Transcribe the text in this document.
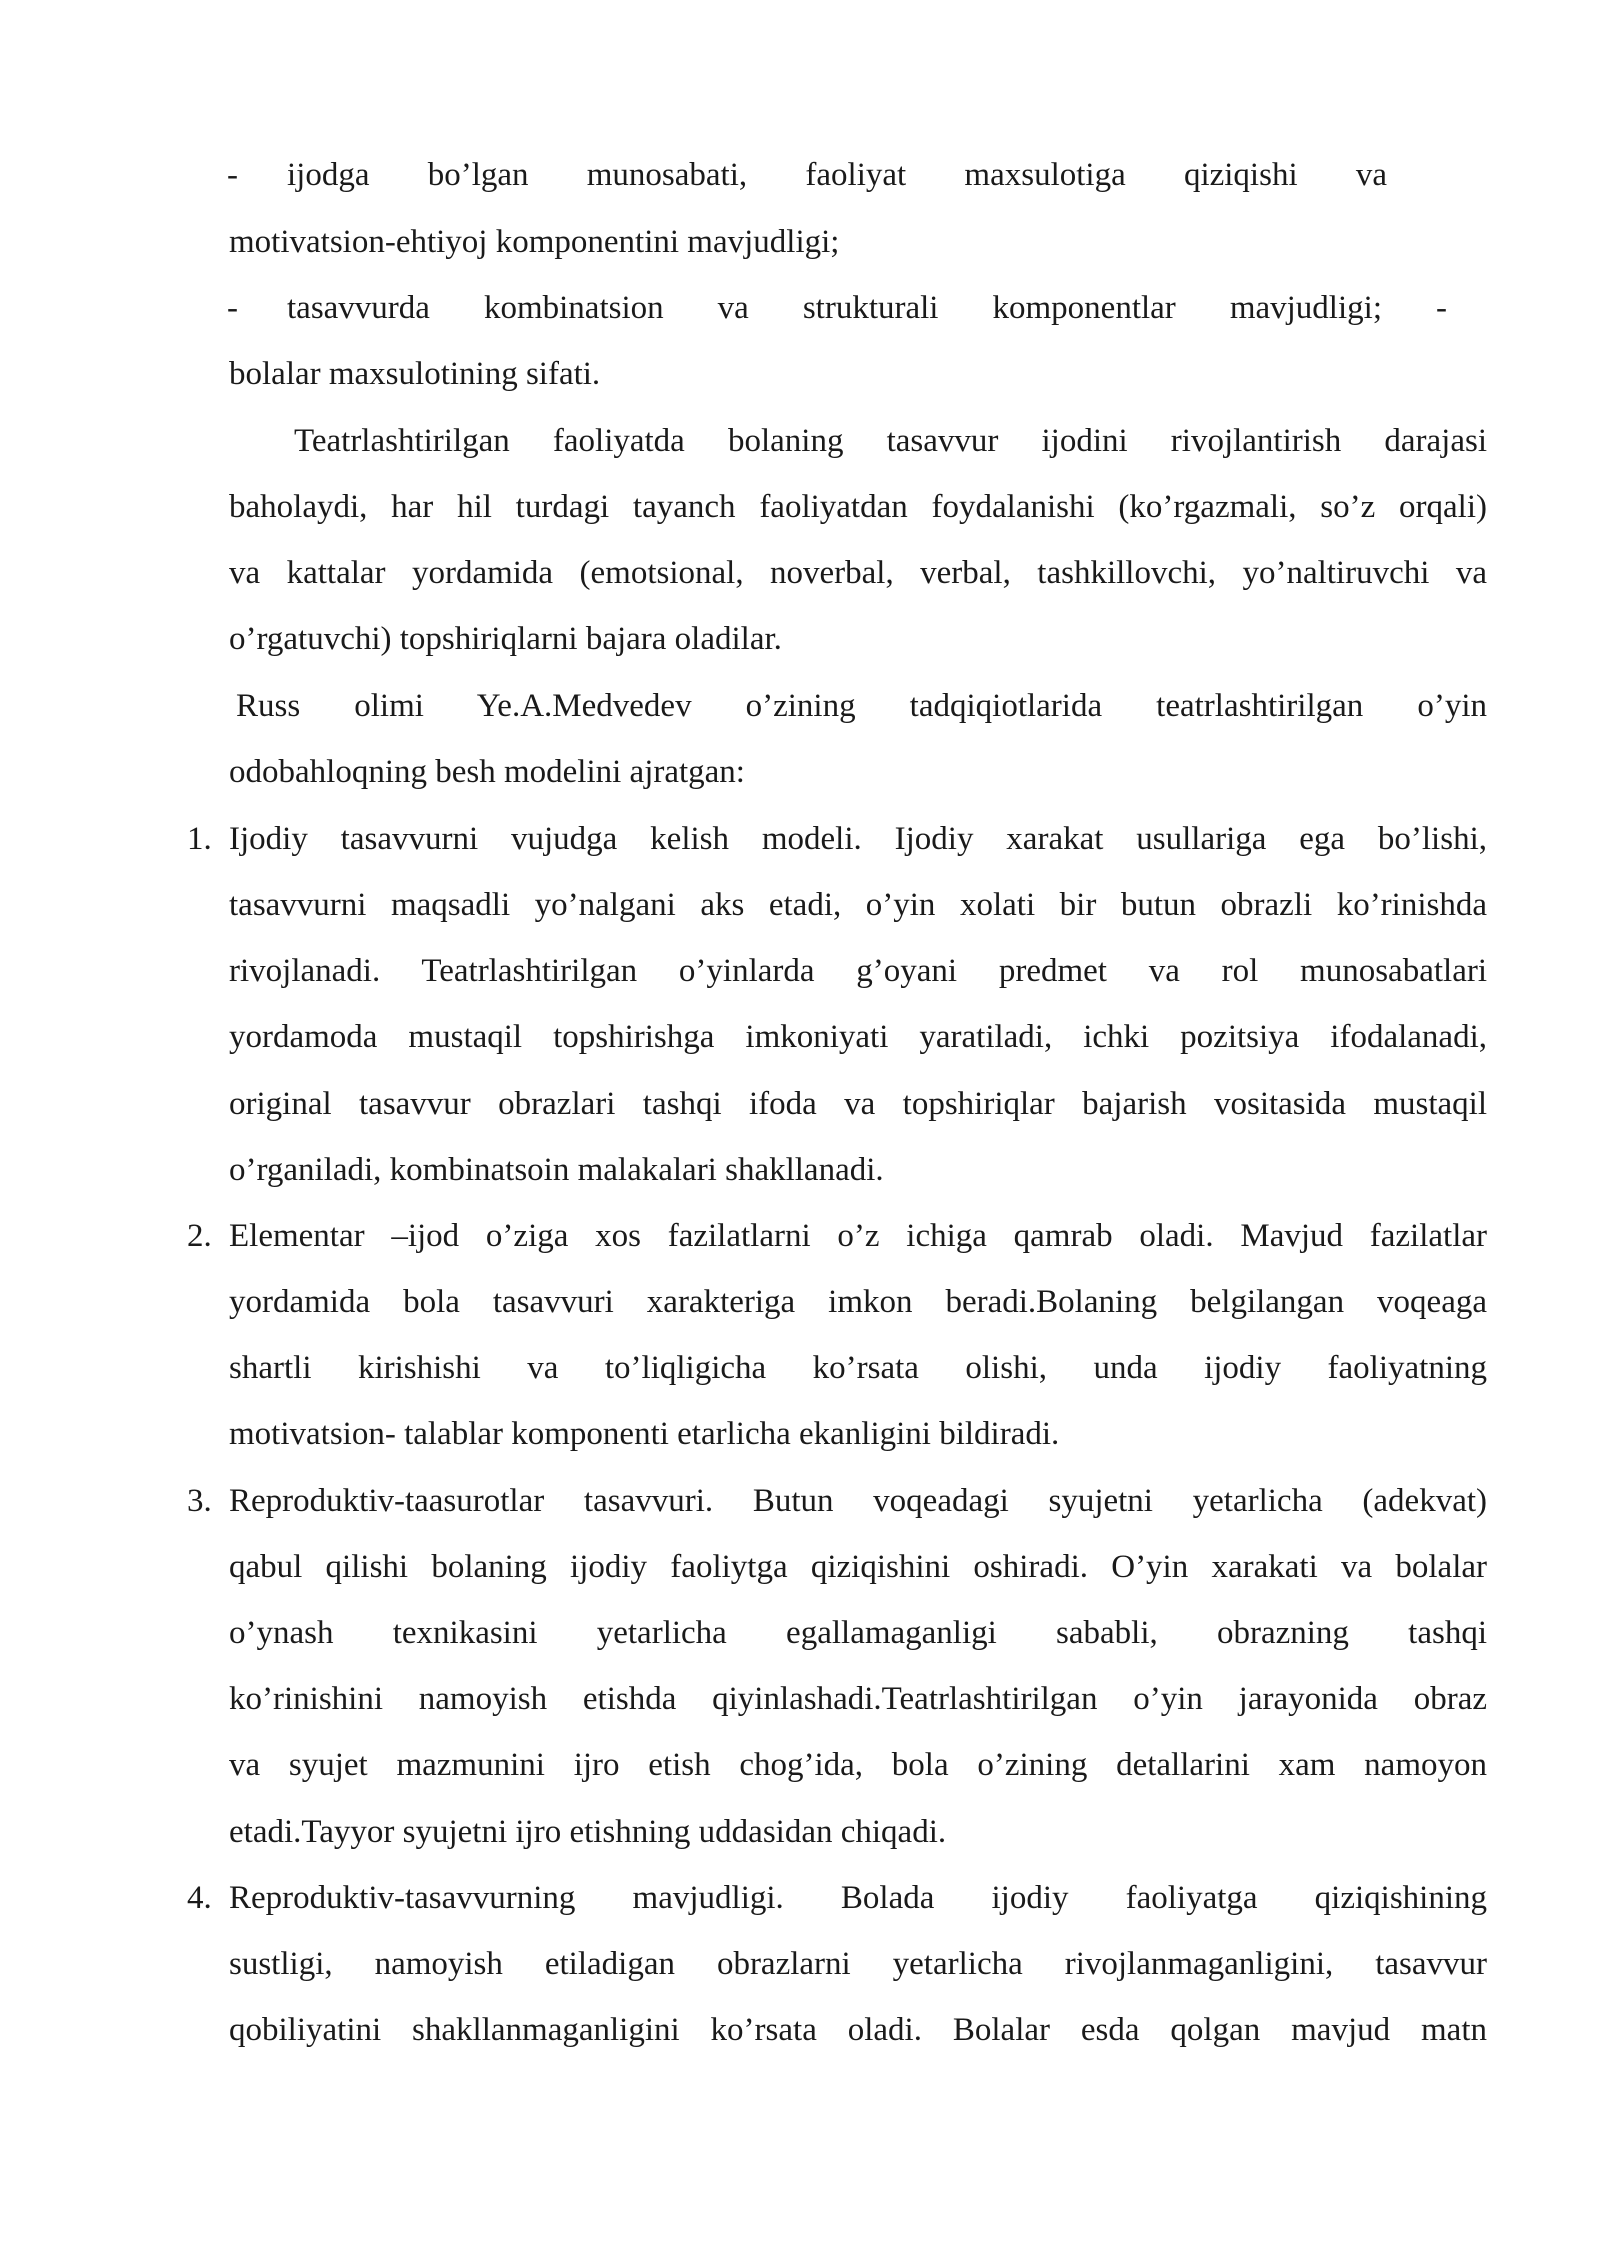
- ijodga bo’lgan munosabati, faoliyat maxsulotiga qiziqishi va
motivatsion-ehtiyoj komponentini mavjudligi;
- tasavvurda kombinatsion va strukturali komponentlar mavjudligi; -
bolalar maxsulotining sifati.
Teatrlashtirilgan faoliyatda bolaning tasavvur ijodini rivojlantirish darajasi
baholaydi, har hil turdagi tayanch faoliyatdan foydalanishi (ko’rgazmali, so’z orqali)
va kattalar yordamida (emotsional, noverbal, verbal, tashkillovchi, yo’naltiruvchi va
o’rgatuvchi) topshiriqlarni bajara oladilar.
Russ olimi Ye.A.Medvedev o’zining tadqiqiotlarida teatrlashtirilgan o’yin
odobahloqning besh modelini ajratgan:
1. Ijodiy tasavvurni vujudga kelish modeli. Ijodiy xarakat usullariga ega bo’lishi,
tasavvurni maqsadli yo’nalgani aks etadi, o’yin xolati bir butun obrazli ko’rinishda
rivojlanadi. Teatrlashtirilgan o’yinlarda g’oyani predmet va rol munosabatlari
yordamoda mustaqil topshirishga imkoniyati yaratiladi, ichki pozitsiya ifodalanadi,
original tasavvur obrazlari tashqi ifoda va topshiriqlar bajarish vositasida mustaqil
o’rganiladi, kombinatsoin malakalari shakllanadi.
2. Elementar –ijod o’ziga xos fazilatlarni o’z ichiga qamrab oladi. Mavjud fazilatlar
yordamida bola tasavvuri xarakteriga imkon beradi.Bolaning belgilangan voqeaga
shartli kirishishi va to’liqligicha ko’rsata olishi, unda ijodiy faoliyatning
motivatsion- talablar komponenti etarlicha ekanligini bildiradi.
3. Reproduktiv-taasurotlar tasavvuri. Butun voqeadagi syujetni yetarlicha (adekvat)
qabul qilishi bolaning ijodiy faoliytga qiziqishini oshiradi. O’yin xarakati va bolalar
o’ynash texnikasini yetarlicha egallamaganligi sababli, obrazning tashqi
ko’rinishini namoyish etishda qiyinlashadi.Teatrlashtirilgan o’yin jarayonida obraz
va syujet mazmunini ijro etish chog’ida, bola o’zining detallarini xam namoyon
etadi.Tayyor syujetni ijro etishning uddasidan chiqadi.
4. Reproduktiv-tasavvurning mavjudligi. Bolada ijodiy faoliyatga qiziqishining
sustligi, namoyish etiladigan obrazlarni yetarlicha rivojlanmaganligini, tasavvur
qobiliyatini shakllanmaganligini ko’rsata oladi. Bolalar esda qolgan mavjud matn
